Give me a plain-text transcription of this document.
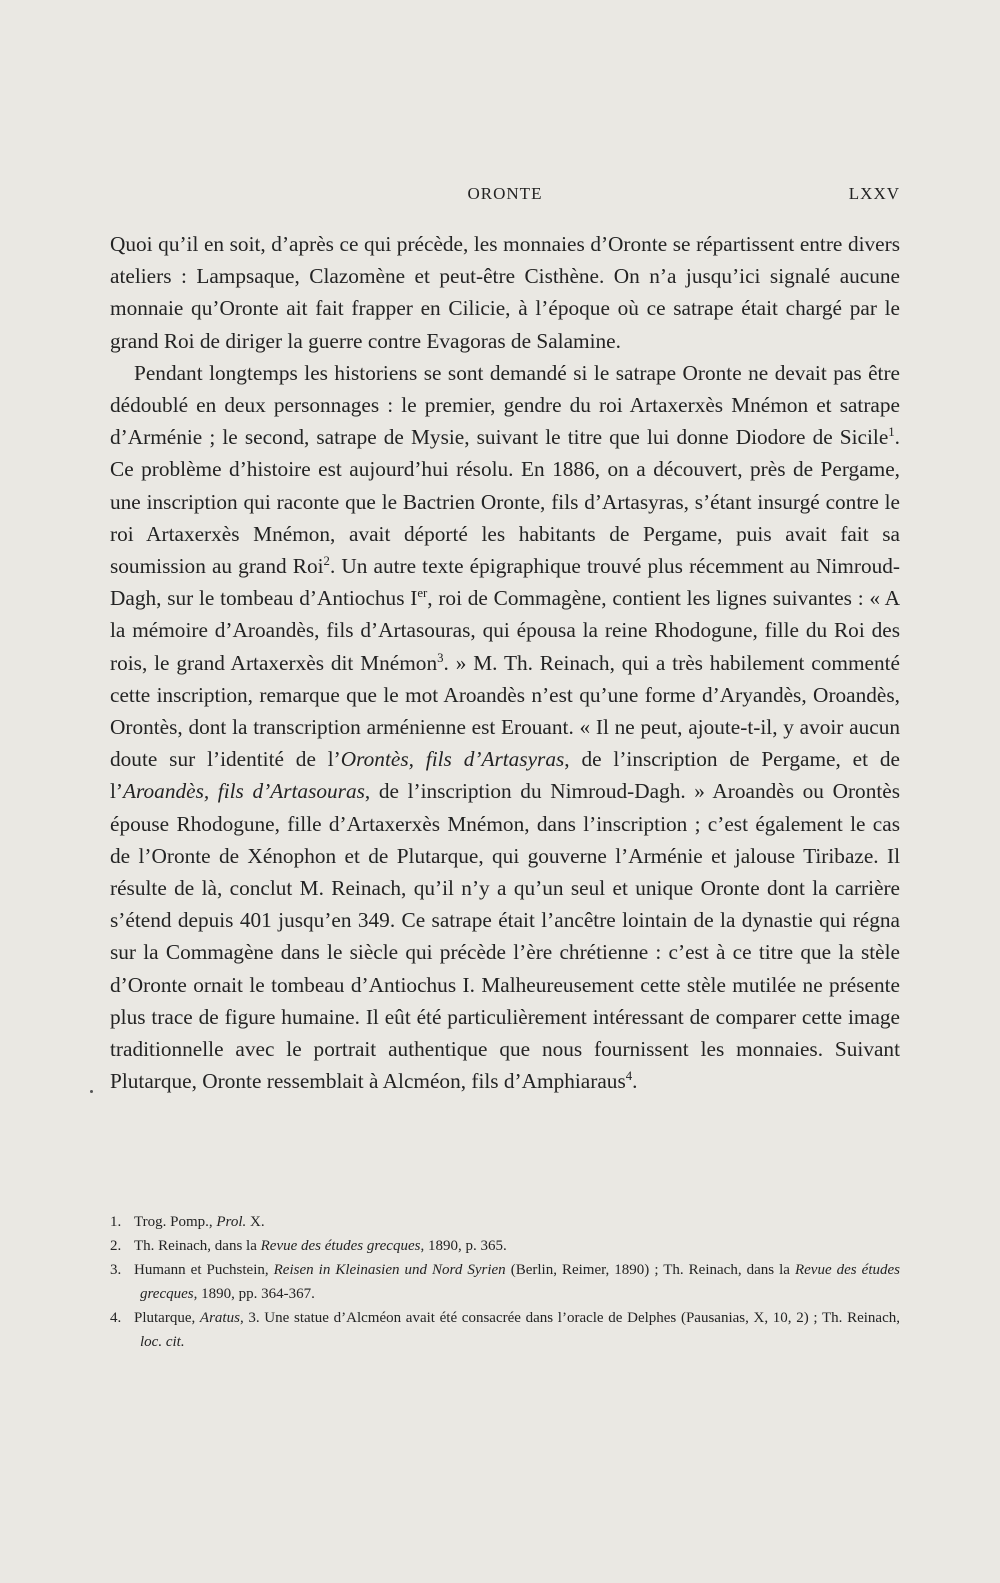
ORONTE	LXXV

Quoi qu’il en soit, d’après ce qui précède, les monnaies d’Oronte se répartissent entre divers ateliers : Lampsaque, Clazomène et peut-être Cisthène. On n’a jusqu’ici signalé aucune monnaie qu’Oronte ait fait frapper en Cilicie, à l’époque où ce satrape était chargé par le grand Roi de diriger la guerre contre Evagoras de Salamine.

Pendant longtemps les historiens se sont demandé si le satrape Oronte ne devait pas être dédoublé en deux personnages : le premier, gendre du roi Artaxerxès Mnémon et satrape d’Arménie ; le second, satrape de Mysie, suivant le titre que lui donne Diodore de Sicile$^1$. Ce problème d’histoire est aujourd’hui résolu. En 1886, on a découvert, près de Pergame, une inscription qui raconte que le Bactrien Oronte, fils d’Artasyras, s’étant insurgé contre le roi Artaxerxès Mnémon, avait déporté les habitants de Pergame, puis avait fait sa soumission au grand Roi$^2$. Un autre texte épigraphique trouvé plus récemment au Nimroud-Dagh, sur le tombeau d’Antiochus Ier, roi de Commagène, contient les lignes suivantes : « A la mémoire d’Aroandès, fils d’Artasouras, qui épousa la reine Rhodogune, fille du Roi des rois, le grand Artaxerxès dit Mnémon$^3$. » M. Th. Reinach, qui a très habilement commenté cette inscription, remarque que le mot Aroandès n’est qu’une forme d’Aryandès, Oroandès, Orontès, dont la transcription arménienne est Erouant. « Il ne peut, ajoute-t-il, y avoir aucun doute sur l’identité de l’Orontès, fils d’Artasyras, de l’inscription de Pergame, et de l’Aroandès, fils d’Artasouras, de l’inscription du Nimroud-Dagh. » Aroandès ou Orontès épouse Rhodogune, fille d’Artaxerxès Mnémon, dans l’inscription ; c’est également le cas de l’Oronte de Xénophon et de Plutarque, qui gouverne l’Arménie et jalouse Tiribaze. Il résulte de là, conclut M. Reinach, qu’il n’y a qu’un seul et unique Oronte dont la carrière s’étend depuis 401 jusqu’en 349. Ce satrape était l’ancêtre lointain de la dynastie qui régna sur la Commagène dans le siècle qui précède l’ère chrétienne : c’est à ce titre que la stèle d’Oronte ornait le tombeau d’Antiochus I. Malheureusement cette stèle mutilée ne présente plus trace de figure humaine. Il eût été particulièrement intéressant de comparer cette image traditionnelle avec le portrait authentique que nous fournissent les monnaies. Suivant Plutarque, Oronte ressemblait à Alcméon, fils d’Amphiaraus$^4$.

1. Trog. Pomp., Prol. X.

2. Th. Reinach, dans la Revue des études grecques, 1890, p. 365.

3. Humann et Puchstein, Reisen in Kleinasien und Nord Syrien (Berlin, Reimer, 1890) ; Th. Reinach, dans la Revue des études grecques, 1890, pp. 364-367.

4. Plutarque, Aratus, 3. Une statue d’Alcméon avait été consacrée dans l’oracle de Delphes (Pausanias, X, 10, 2) ; Th. Reinach, loc. cit.
